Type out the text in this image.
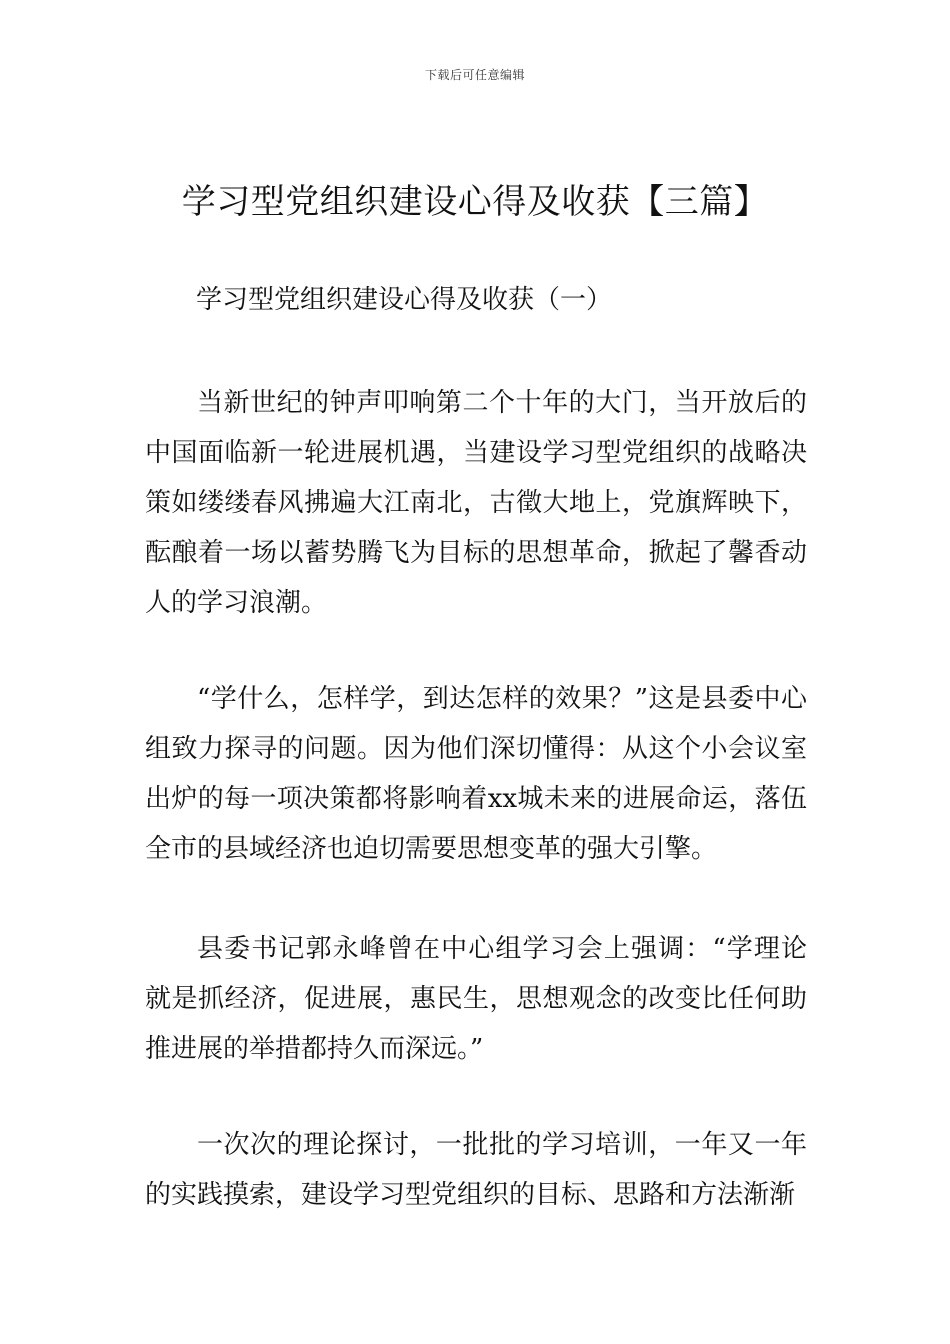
下载后可任意编辑
学习型党组织建设心得及收获【三篇】
学习型党组织建设心得及收获（一）

当新世纪的钟声叩响第二个十年的大门，当开放后的中国面临新一轮进展机遇，当建设学习型党组织的战略决策如缕缕春风拂遍大江南北，古徵大地上，党旗辉映下，酝酿着一场以蓄势腾飞为目标的思想革命，掀起了馨香动人的学习浪潮。

“学什么，怎样学，到达怎样的效果？”这是县委中心组致力探寻的问题。因为他们深切懂得：从这个小会议室出炉的每一项决策都将影响着xx城未来的进展命运，落伍全市的县域经济也迫切需要思想变革的强大引擎。

县委书记郭永峰曾在中心组学习会上强调：“学理论就是抓经济，促进展，惠民生，思想观念的改变比任何助推进展的举措都持久而深远。”

一次次的理论探讨，一批批的学习培训，一年又一年的实践摸索，建设学习型党组织的目标、思路和方法渐渐
